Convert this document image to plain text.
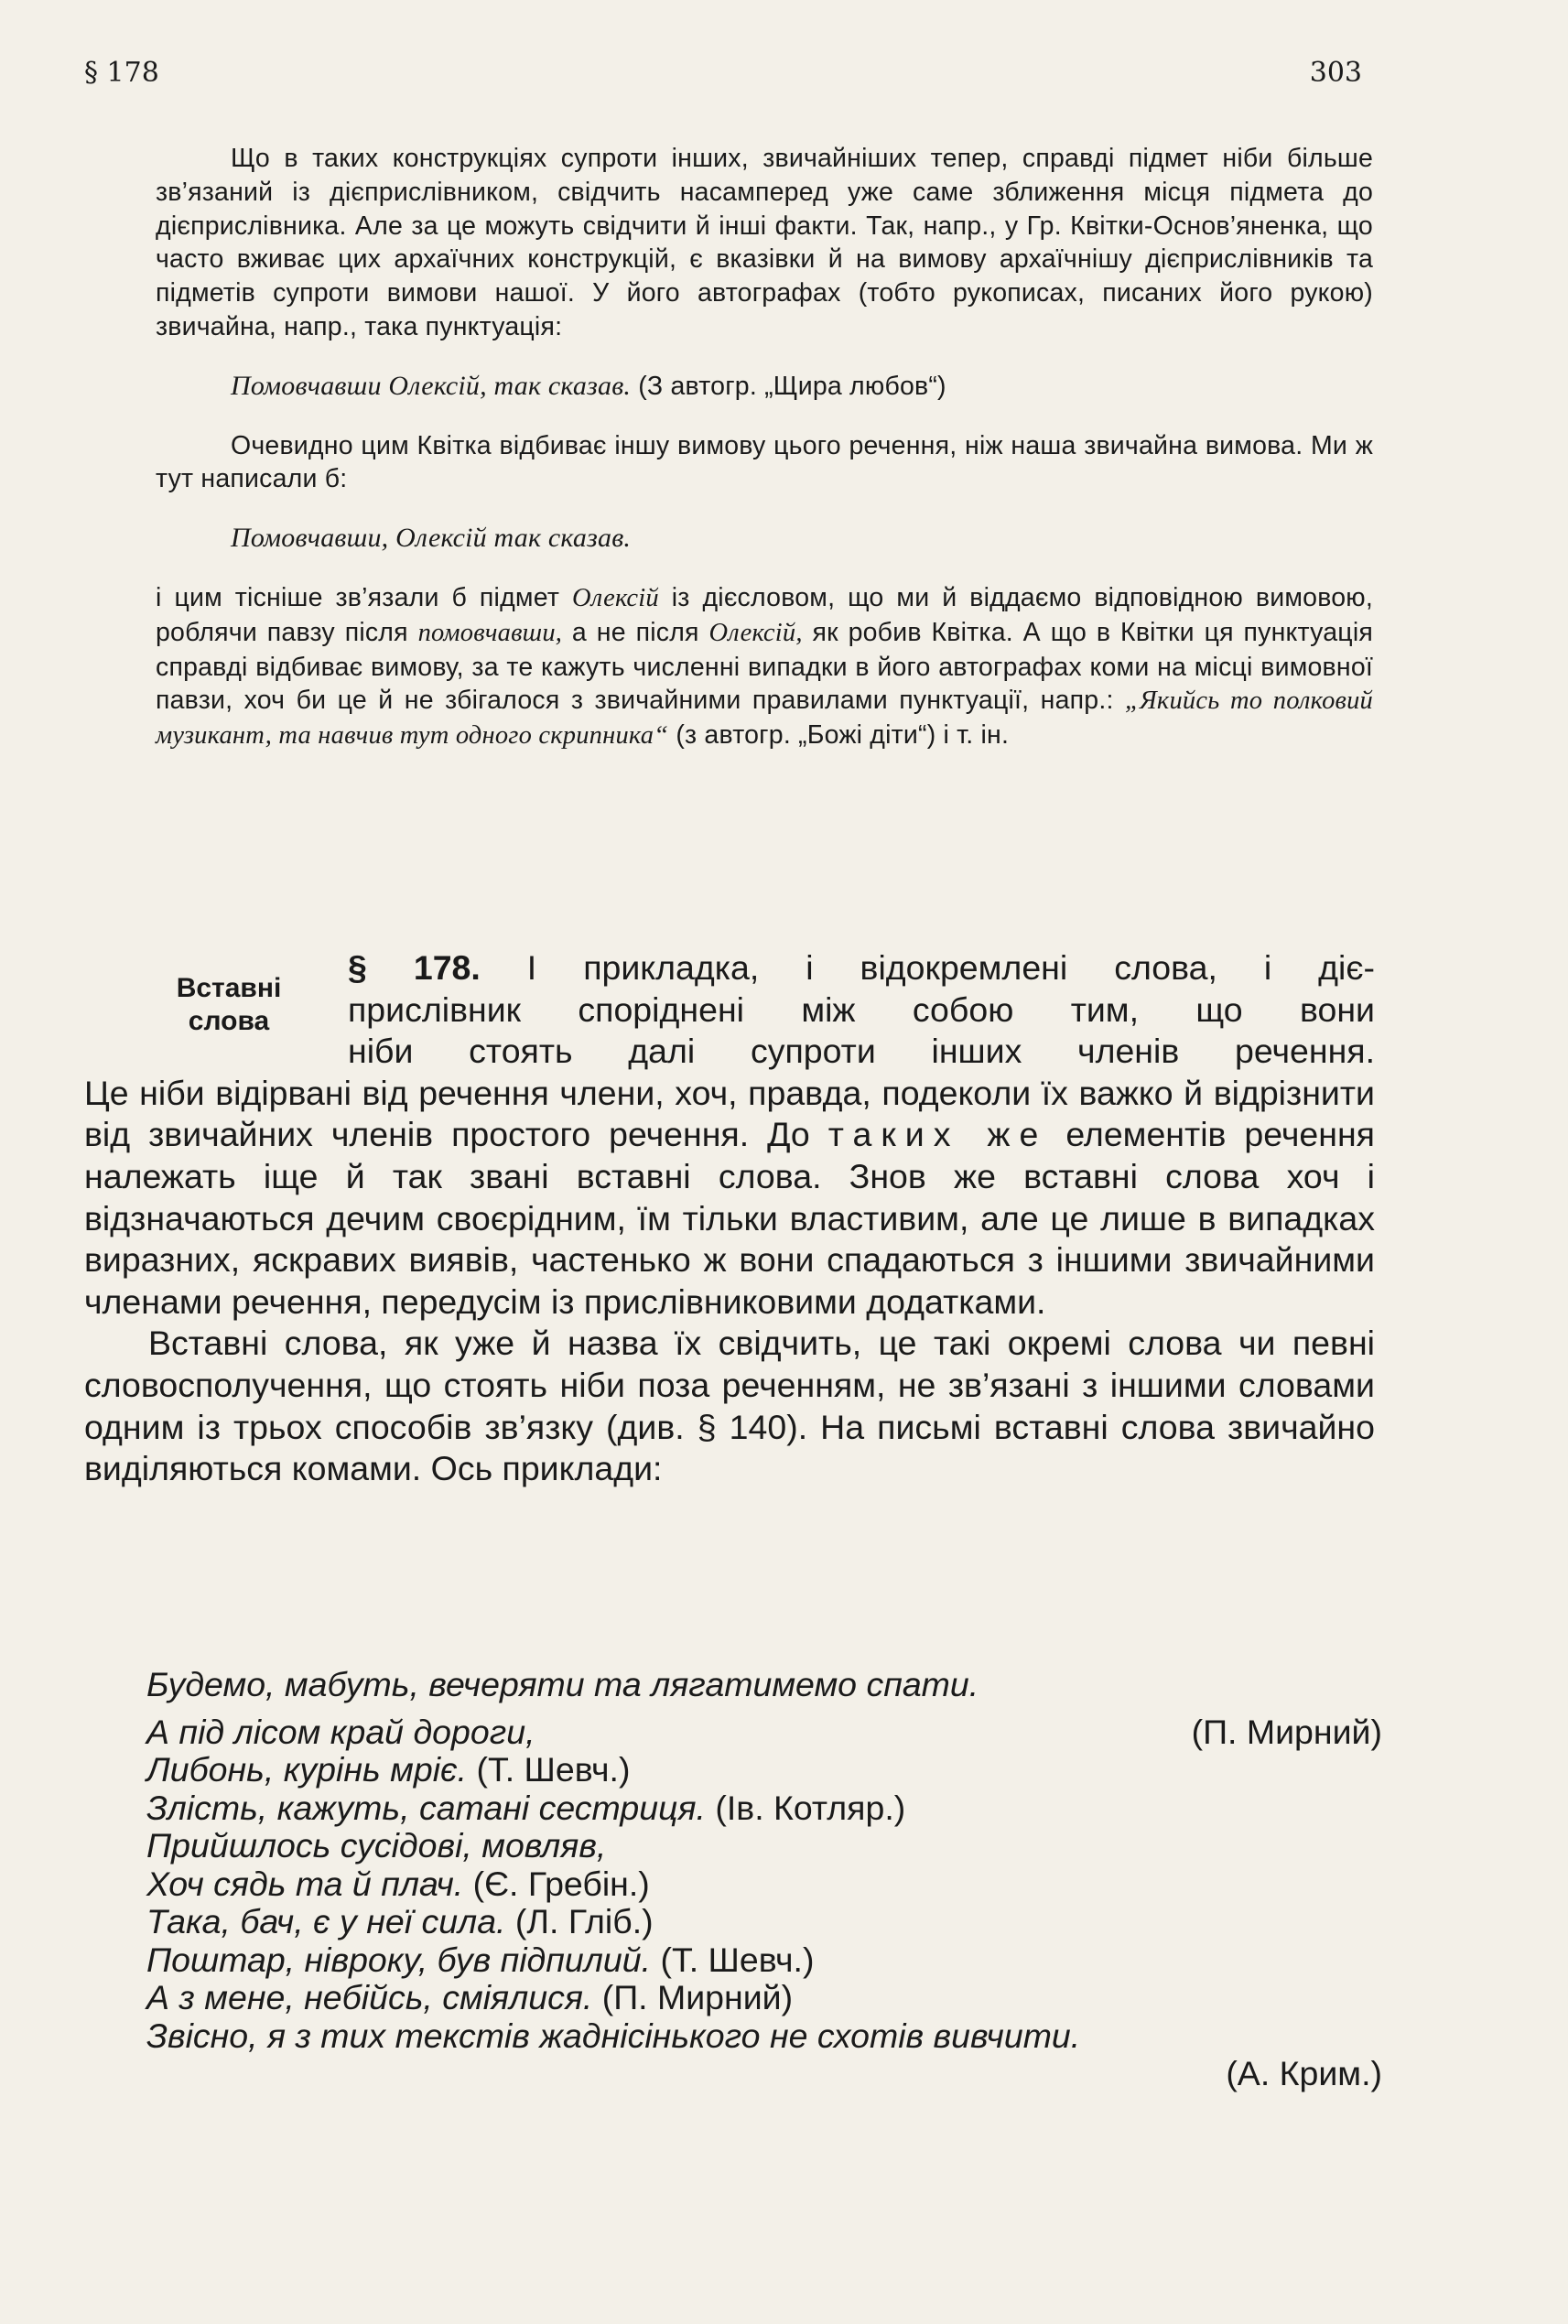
§ 178	303

Що в таких конструкціях супроти інших, звичайніших тепер, справді підмет ніби більше зв’язаний із дієприслівником, свідчить насамперед уже саме зближення місця підмета до дієприслівника. Але за це можуть свідчити й інші факти. Так, напр., у Гр. Квітки-Основ’яненка, що часто вживає цих архаїчних конструкцій, є вказівки й на вимову архаїчнішу дієприслівників та підметів супроти вимови нашої. У його автографах (тобто рукописах, писаних його рукою) звичайна, напр., така пунктуація:

Помовчавши Олексій, так сказав. (З автогр. „Щира любов“)

Очевидно цим Квітка відбиває іншу вимову цього речення, ніж наша звичайна вимова. Ми ж тут написали б:

Помовчавши, Олексій так сказав.

і цим тісніше зв’язали б підмет Олексій із дієсловом, що ми й віддаємо відповідною вимовою, роблячи павзу після помовчавши, а не після Олексій, як робив Квітка. А що в Квітки ця пунктуація справді відбиває вимову, за те кажуть численні випадки в його автографах коми на місці вимовної павзи, хоч би це й не збігалося з звичайними правилами пунктуації, напр.: „Якийсь то полковий музикант, та навчив тут одного скрипника“ (з автогр. „Божі діти“) і т. ін.

Вставні
слова
§ 178. І прикладка, і відокремлені слова, і діє-
прислівник споріднені між собою тим, що вони
ніби стоять далі супроти інших членів речення.

Це ніби відірвані від речення члени, хоч, правда, подеколи їх важко й відрізнити від звичайних членів простого речення. До таких же елементів речення належать іще й так звані вставні слова. Знов же вставні слова хоч і відзначаються дечим своєрідним, їм тільки властивим, але це лише в випадках виразних, яскравих виявів, частенько ж вони спадаються з іншими звичайними членами речення, передусім із прислівниковими додатками.

Вставні слова, як уже й назва їх свідчить, це такі окремі слова чи певні словосполучення, що стоять ніби поза реченням, не зв’язані з іншими словами одним із трьох способів зв’язку (див. § 140). На письмі вставні слова звичайно виділяються комами. Ось приклади:

Будемо, мабуть, вечеряти та лягатимемо спати.
А під лісом край дороги,	(П. Мирний)
Либонь, курінь мріє. (Т. Шевч.)
Злість, кажуть, сатані сестриця. (Ів. Котляр.)
Прийшлось сусідові, мовляв,
Хоч сядь та й плач. (Є. Гребін.)
Така, бач, є у неї сила. (Л. Гліб.)
Поштар, нівроку, був підпилий. (Т. Шевч.)
А з мене, небійсь, сміялися. (П. Мирний)
Звісно, я з тих текстів жаднісінького не схотів вивчити.

(А. Крим.)
